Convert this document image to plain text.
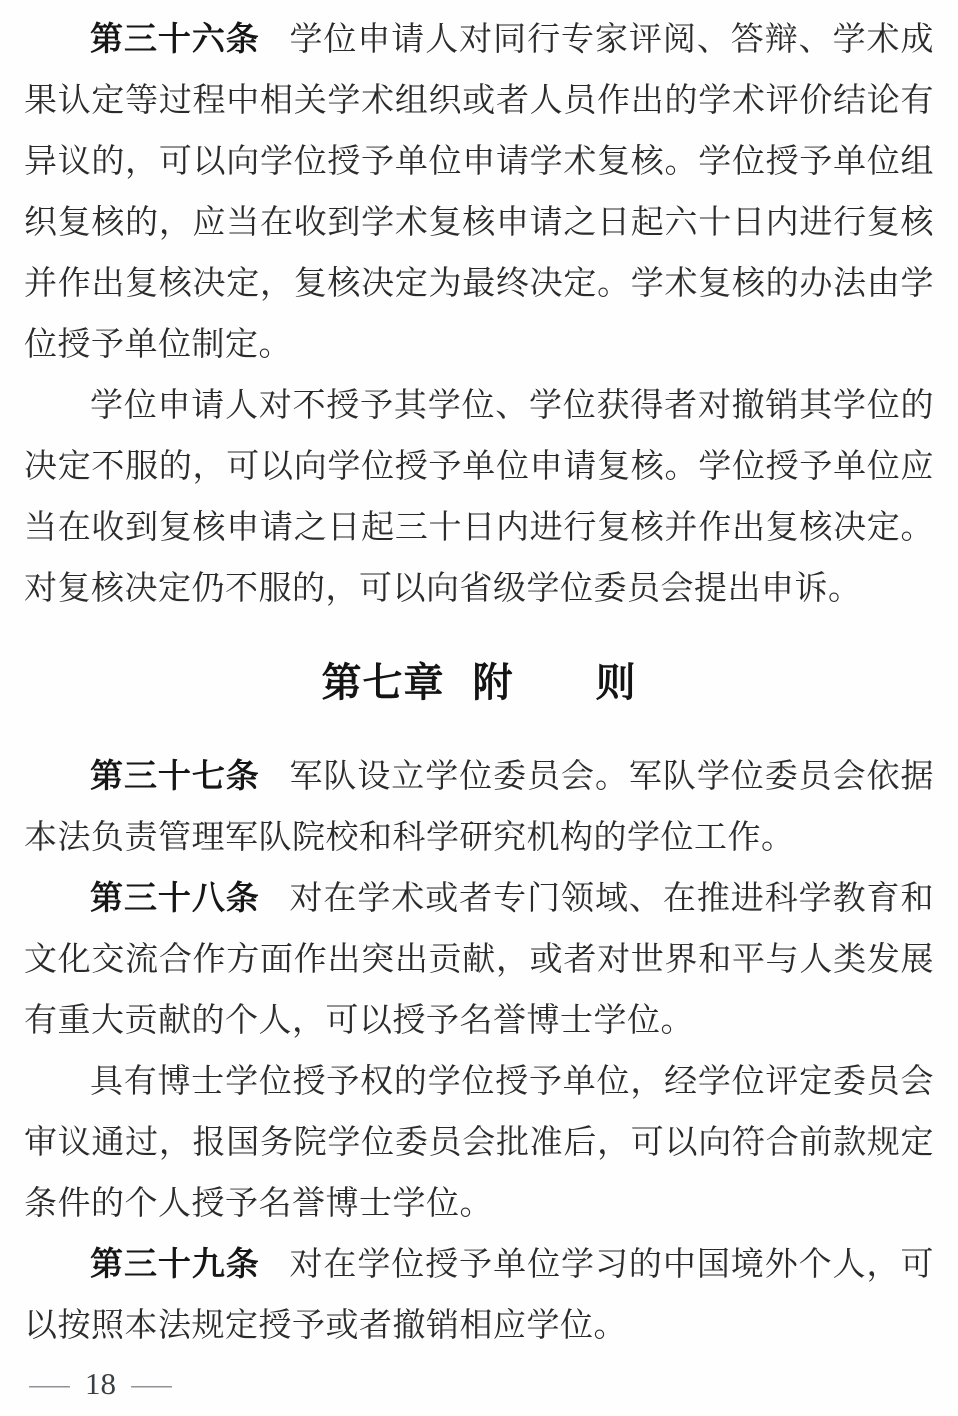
第三十六条 学位申请人对同行专家评阅、答辩、学术成果认定等过程中相关学术组织或者人员作出的学术评价结论有异议的，可以向学位授予单位申请学术复核。学位授予单位组织复核的，应当在收到学术复核申请之日起六十日内进行复核并作出复核决定，复核决定为最终决定。学术复核的办法由学位授予单位制定。

学位申请人对不授予其学位、学位获得者对撤销其学位的决定不服的，可以向学位授予单位申请复核。学位授予单位应当在收到复核申请之日起三十日内进行复核并作出复核决定。对复核决定仍不服的，可以向省级学位委员会提出申诉。

第七章 附　　则

第三十七条 军队设立学位委员会。军队学位委员会依据本法负责管理军队院校和科学研究机构的学位工作。

第三十八条 对在学术或者专门领域、在推进科学教育和文化交流合作方面作出突出贡献，或者对世界和平与人类发展有重大贡献的个人，可以授予名誉博士学位。

具有博士学位授予权的学位授予单位，经学位评定委员会审议通过，报国务院学位委员会批准后，可以向符合前款规定条件的个人授予名誉博士学位。

第三十九条 对在学位授予单位学习的中国境外个人，可以按照本法规定授予或者撤销相应学位。

— 18 —
